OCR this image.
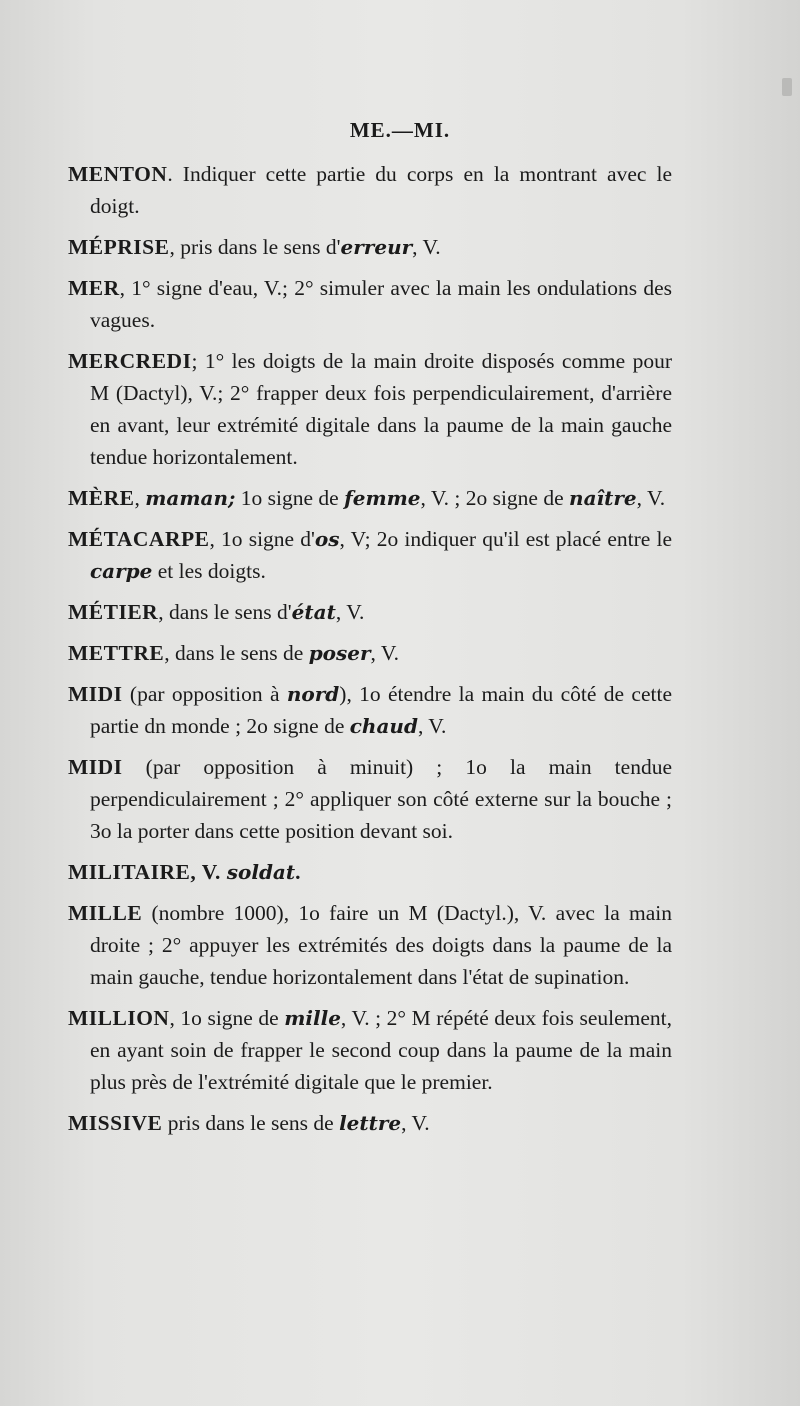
ME.—MI.

MENTON. Indiquer cette partie du corps en la montrant avec le doigt.

MÉPRISE, pris dans le sens d'erreur, V.

MER, 1° signe d'eau, V.; 2° simuler avec la main les ondulations des vagues.

MERCREDI; 1° les doigts de la main droite disposés comme pour M (Dactyl), V.; 2° frapper deux fois perpendiculairement, d'arrière en avant, leur extrémité digitale dans la paume de la main gauche tendue horizontalement.

MÈRE, maman; 1o signe de femme, V. ; 2o signe de naître, V.

MÉTACARPE, 1o signe d'os, V; 2o indiquer qu'il est placé entre le carpe et les doigts.

MÉTIER, dans le sens d'état, V.

METTRE, dans le sens de poser, V.

MIDI (par opposition à nord), 1o étendre la main du côté de cette partie dn monde ; 2o signe de chaud, V.

MIDI (par opposition à minuit) ; 1o la main tendue perpendiculairement ; 2° appliquer son côté externe sur la bouche ; 3o la porter dans cette position devant soi.

MILITAIRE, V. soldat.

MILLE (nombre 1000), 1o faire un M (Dactyl.), V. avec la main droite ; 2° appuyer les extrémités des doigts dans la paume de la main gauche, tendue horizontalement dans l'état de supination.

MILLION, 1o signe de mille, V. ; 2° M répété deux fois seulement, en ayant soin de frapper le second coup dans la paume de la main plus près de l'extrémité digitale que le premier.

MISSIVE pris dans le sens de lettre, V.
